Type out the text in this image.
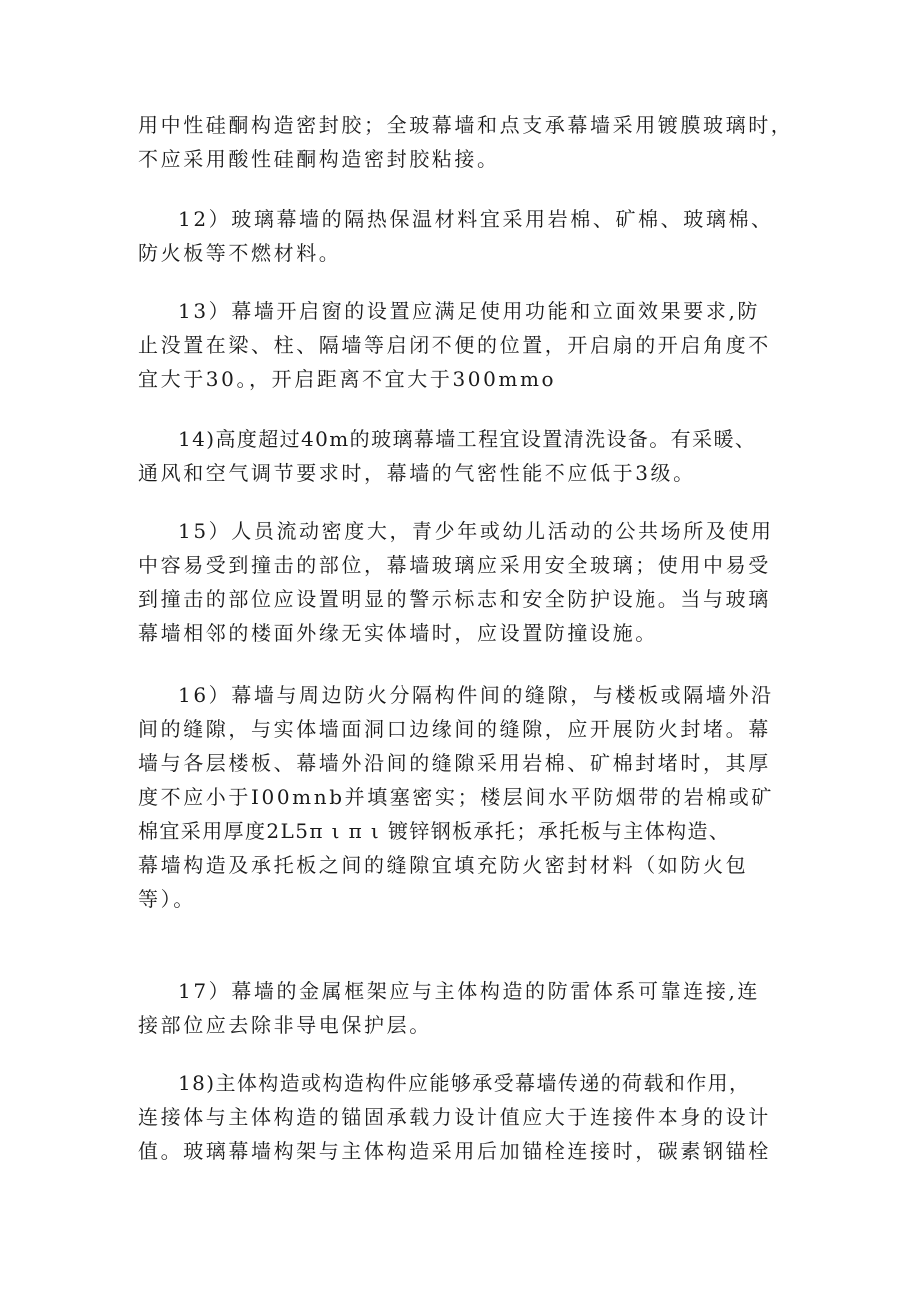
用中性硅酮构造密封胶；全玻幕墙和点支承幕墙采用镀膜玻璃时，
不应采用酸性硅酮构造密封胶粘接。
12）玻璃幕墙的隔热保温材料宜采用岩棉、矿棉、玻璃棉、
防火板等不燃材料。
13）幕墙开启窗的设置应满足使用功能和立面效果要求,防
止没置在梁、柱、隔墙等启闭不便的位置，开启扇的开启角度不
宜大于30。，开启距离不宜大于300mmo
14)高度超过40m的玻璃幕墙工程宜设置清洗设备。有采暖、
通风和空气调节要求时，幕墙的气密性能不应低于3级。
15）人员流动密度大，青少年或幼儿活动的公共场所及使用
中容易受到撞击的部位，幕墙玻璃应采用安全玻璃；使用中易受
到撞击的部位应设置明显的警示标志和安全防护设施。当与玻璃
幕墙相邻的楼面外缘无实体墙时，应设置防撞设施。
16）幕墙与周边防火分隔构件间的缝隙，与楼板或隔墙外沿
间的缝隙，与实体墙面洞口边缘间的缝隙，应开展防火封堵。幕
墙与各层楼板、幕墙外沿间的缝隙采用岩棉、矿棉封堵时，其厚
度不应小于I00mnb并填塞密实；楼层间水平防烟带的岩棉或矿
棉宜采用厚度2L5π ι π ι 镀锌钢板承托；承托板与主体构造、
幕墙构造及承托板之间的缝隙宜填充防火密封材料（如防火包
等）。
17）幕墙的金属框架应与主体构造的防雷体系可靠连接,连
接部位应去除非导电保护层。
18)主体构造或构造构件应能够承受幕墙传递的荷载和作用，
连接体与主体构造的锚固承载力设计值应大于连接件本身的设计
值。玻璃幕墙构架与主体构造采用后加锚栓连接时，碳素钢锚栓
